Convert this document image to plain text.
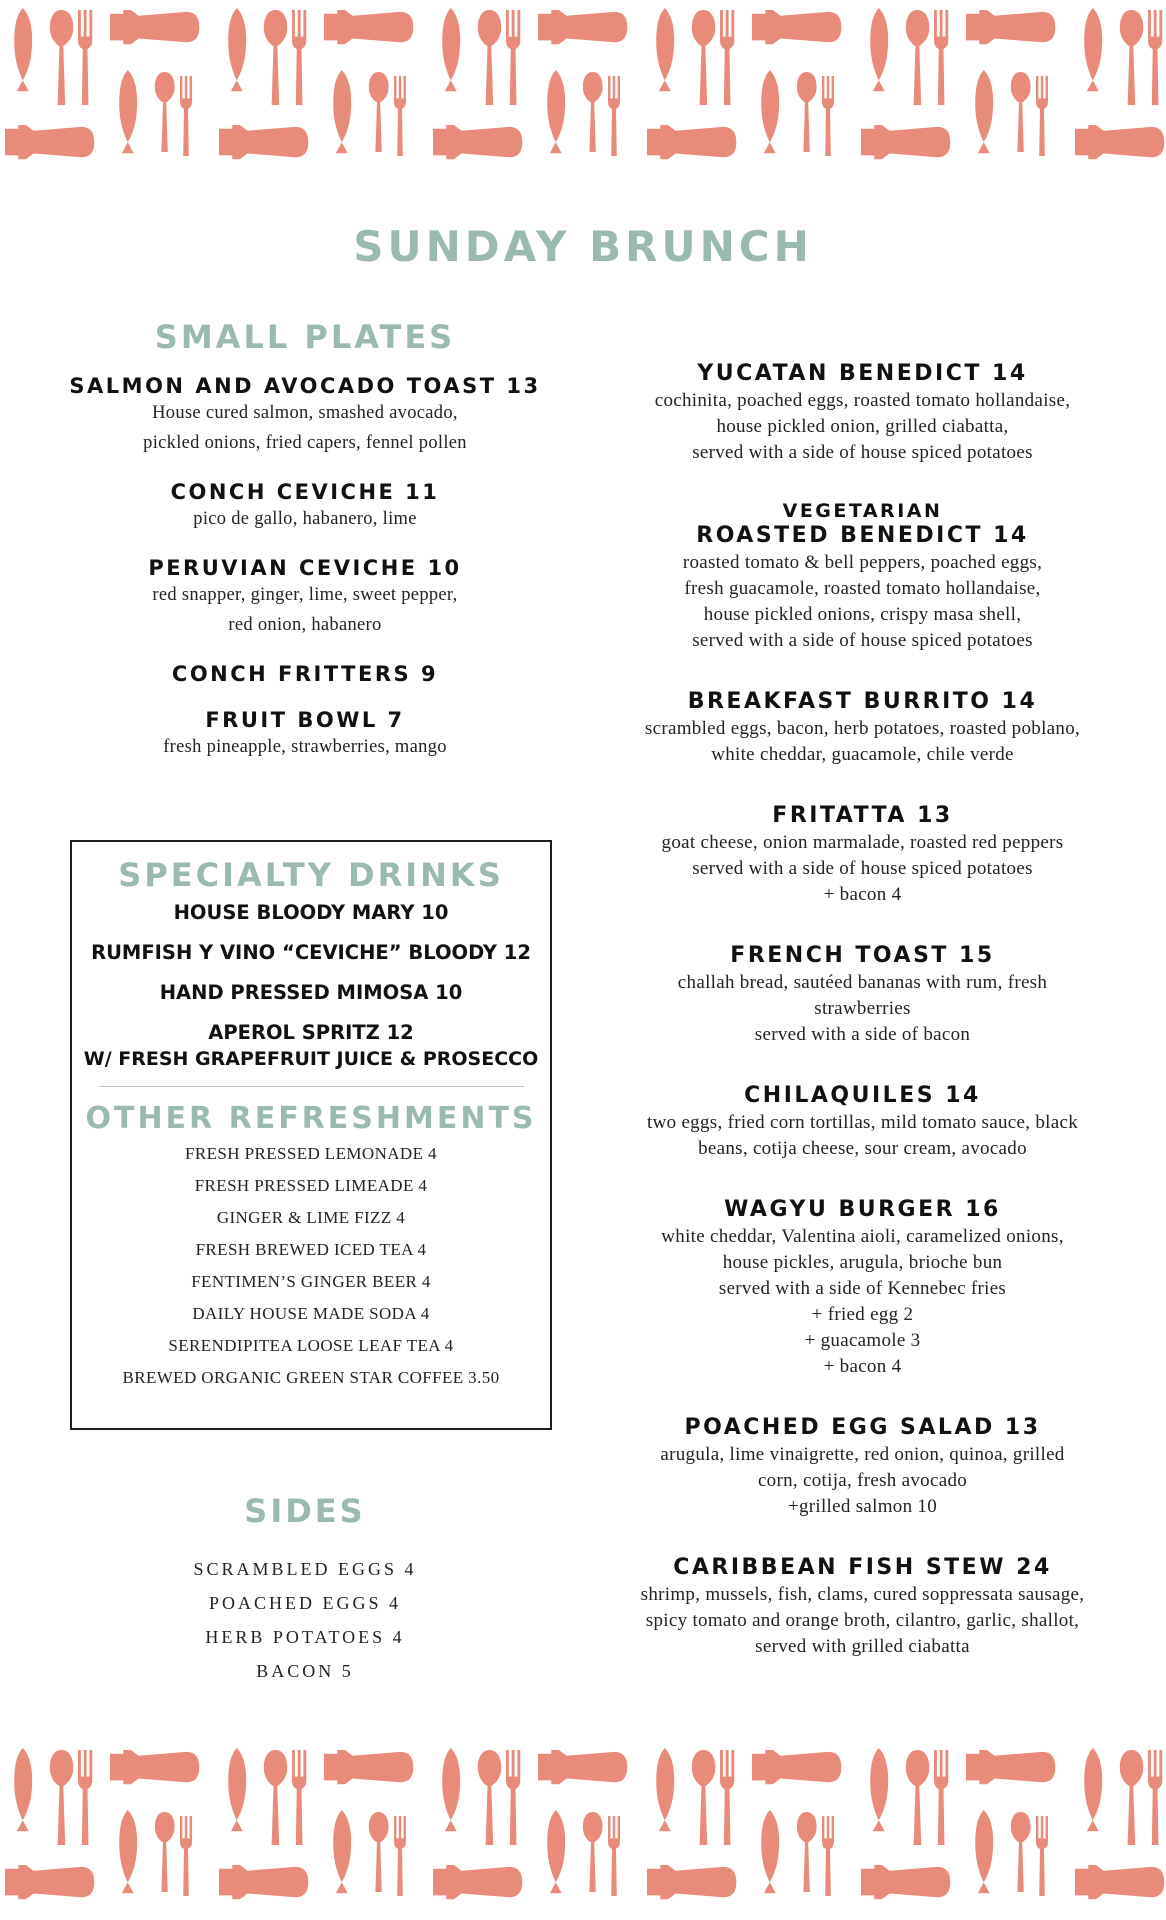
SUNDAY BRUNCH
SMALL PLATES
SALMON AND AVOCADO TOAST 13
House cured salmon, smashed avocado,
pickled onions, fried capers, fennel pollen
CONCH CEVICHE 11
pico de gallo, habanero, lime
PERUVIAN CEVICHE 10
red snapper, ginger, lime, sweet pepper,
red onion, habanero
CONCH FRITTERS 9
FRUIT BOWL 7
fresh pineapple, strawberries, mango
SPECIALTY DRINKS
HOUSE BLOODY MARY 10
RUMFISH Y VINO “CEVICHE” BLOODY 12
HAND PRESSED MIMOSA 10
APEROL SPRITZ 12
W/ FRESH GRAPEFRUIT JUICE & PROSECCO
OTHER REFRESHMENTS
FRESH PRESSED LEMONADE 4
FRESH PRESSED LIMEADE 4
GINGER & LIME FIZZ 4
FRESH BREWED ICED TEA 4
FENTIMEN’S GINGER BEER 4
DAILY HOUSE MADE SODA 4
SERENDIPITEA LOOSE LEAF TEA 4
BREWED ORGANIC GREEN STAR COFFEE 3.50
SIDES
SCRAMBLED EGGS 4
POACHED EGGS 4
HERB POTATOES 4
BACON 5
YUCATAN BENEDICT 14
cochinita, poached eggs, roasted tomato hollandaise,
house pickled onion, grilled ciabatta,
served with a side of house spiced potatoes
VEGETARIAN
ROASTED BENEDICT 14
roasted tomato & bell peppers, poached eggs,
fresh guacamole, roasted tomato hollandaise,
house pickled onions, crispy masa shell,
served with a side of house spiced potatoes
BREAKFAST BURRITO 14
scrambled eggs, bacon, herb potatoes, roasted poblano,
white cheddar, guacamole, chile verde
FRITATTA 13
goat cheese, onion marmalade, roasted red peppers
served with a side of house spiced potatoes
+ bacon 4
FRENCH TOAST 15
challah bread, sautéed bananas with rum, fresh
strawberries
served with a side of bacon
CHILAQUILES 14
two eggs, fried corn tortillas, mild tomato sauce, black
beans, cotija cheese, sour cream, avocado
WAGYU BURGER 16
white cheddar, Valentina aioli, caramelized onions,
house pickles, arugula, brioche bun
served with a side of Kennebec fries
+ fried egg 2
+ guacamole 3
+ bacon 4
POACHED EGG SALAD 13
arugula, lime vinaigrette, red onion, quinoa, grilled
corn, cotija, fresh avocado
+grilled salmon 10
CARIBBEAN FISH STEW 24
shrimp, mussels, fish, clams, cured soppressata sausage,
spicy tomato and orange broth, cilantro, garlic, shallot,
served with grilled ciabatta
